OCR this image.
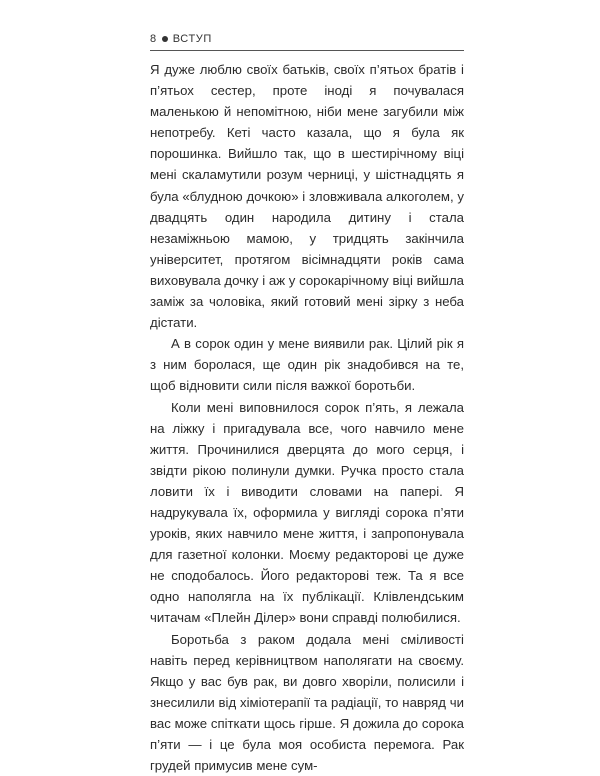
8 ВСТУП

Я дуже люблю своїх батьків, своїх п’ятьох братів і п’ятьох сестер, проте іноді я почувалася маленькою й непомітною, ніби мене загубили між непотребу. Кеті часто казала, що я була як порошинка. Вийшло так, що в шестирічному віці мені скаламутили розум черниці, у шістнадцять я була «блудною дочкою» і зловживала алкоголем, у двадцять один народила дитину і стала незаміжньою мамою, у тридцять закінчила університет, протягом вісімнадцяти років сама виховувала дочку і аж у сорокарічному віці вийшла заміж за чоловіка, який готовий мені зірку з неба дістати.

А в сорок один у мене виявили рак. Цілий рік я з ним боролася, ще один рік знадобився на те, щоб відновити сили після важкої боротьби.

Коли мені виповнилося сорок п’ять, я лежала на ліжку і пригадувала все, чого навчило мене життя. Прочинилися дверцята до мого серця, і звідти рікою полинули думки. Ручка просто стала ловити їх і виводити словами на папері. Я надрукувала їх, оформила у вигляді сорока п’яти уроків, яких навчило мене життя, і запропонувала для газетної колонки. Моєму редакторові це дуже не сподобалось. Його редакторові теж. Та я все одно наполягла на їх публікації. Клівлендським читачам «Плейн Ділер» вони справді полюбилися.

Боротьба з раком додала мені сміливості навіть перед керівництвом наполягати на своєму. Якщо у вас був рак, ви довго хворіли, полисили і знесилили від хіміотерапії та радіації, то навряд чи вас може спіткати щось гірше. Я дожила до сорока п’яти — і це була моя особиста перемога. Рак грудей примусив мене сум-
